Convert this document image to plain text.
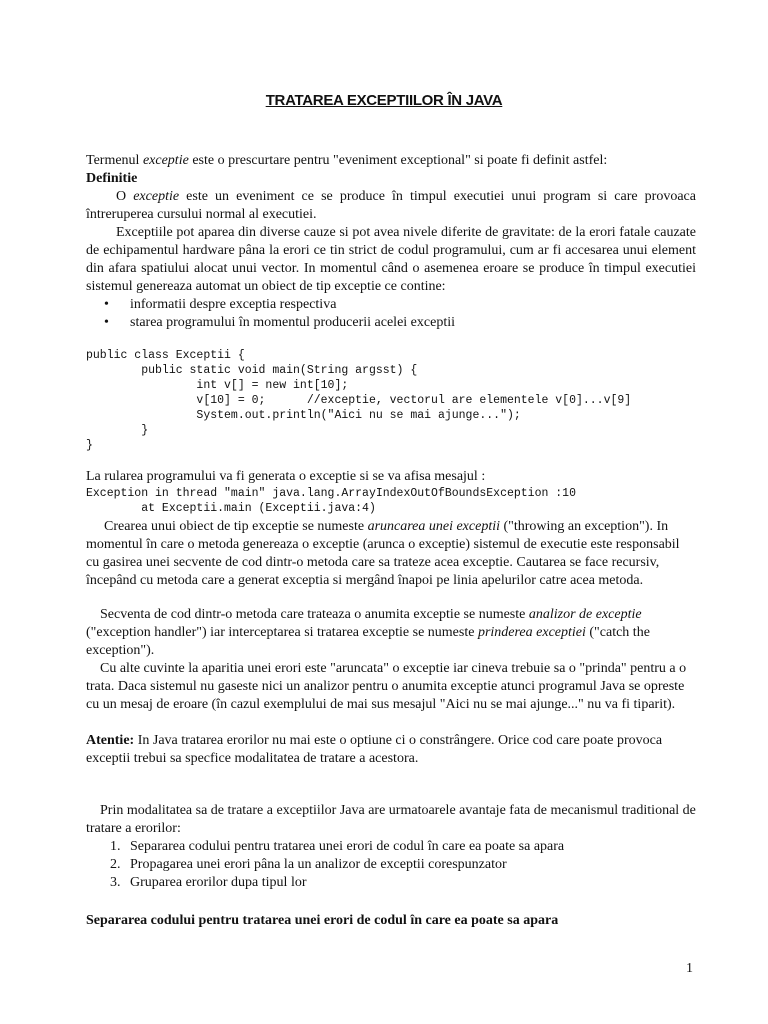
TRATAREA EXCEPTIILOR ÎN JAVA
Termenul exceptie este o prescurtare pentru "eveniment exceptional" si poate fi definit astfel:
Definitie
O exceptie este un eveniment ce se produce în timpul executiei unui program si care provoaca întreruperea cursului normal al executiei.
Exceptiile pot aparea din diverse cauze si pot avea nivele diferite de gravitate: de la erori fatale cauzate de echipamentul hardware pâna la erori ce tin strict de codul programului, cum ar fi accesarea unui element din afara spatiului alocat unui vector. In momentul când o asemenea eroare se produce în timpul executiei sistemul genereaza automat un obiect de tip exceptie ce contine:
• informatii despre exceptia respectiva
• starea programului în momentul producerii acelei exceptii
public class Exceptii {
public static void main(String argsst) {
int v[] = new int[10];
v[10] = 0;      //exceptie, vectorul are elementele v[0]...v[9]
System.out.println("Aici nu se mai ajunge...");
}
}
La rularea programului va fi generata o exceptie si se va afisa mesajul :
Exception in thread "main" java.lang.ArrayIndexOutOfBoundsException :10
at Exceptii.main (Exceptii.java:4)
Crearea unui obiect de tip exceptie se numeste aruncarea unei exceptii ("throwing an exception"). In momentul în care o metoda genereaza o exceptie (arunca o exceptie) sistemul de executie este responsabil cu gasirea unei secvente de cod dintr-o metoda care sa trateze acea exceptie. Cautarea se face recursiv, începând cu metoda care a generat exceptia si mergând înapoi pe linia apelurilor catre acea metoda.
Secventa de cod dintr-o metoda care trateaza o anumita exceptie se numeste analizor de exceptie ("exception handler") iar interceptarea si tratarea exceptie se numeste prinderea exceptiei ("catch the exception").
Cu alte cuvinte la aparitia unei erori este "aruncata" o exceptie iar cineva trebuie sa o "prinda" pentru a o trata. Daca sistemul nu gaseste nici un analizor pentru o anumita exceptie atunci programul Java se opreste cu un mesaj de eroare (în cazul exemplului de mai sus mesajul "Aici nu se mai ajunge..." nu va fi tiparit).
Atentie: In Java tratarea erorilor nu mai este o optiune ci o constrângere. Orice cod care poate provoca exceptii trebui sa specfice modalitatea de tratare a acestora.
Prin modalitatea sa de tratare a exceptiilor Java are urmatoarele avantaje fata de mecanismul traditional de tratare a erorilor:
1. Separarea codului pentru tratarea unei erori de codul în care ea poate sa apara
2. Propagarea unei erori pâna la un analizor de exceptii corespunzator
3. Gruparea erorilor dupa tipul lor
Separarea codului pentru tratarea unei erori de codul în care ea poate sa apara
1
